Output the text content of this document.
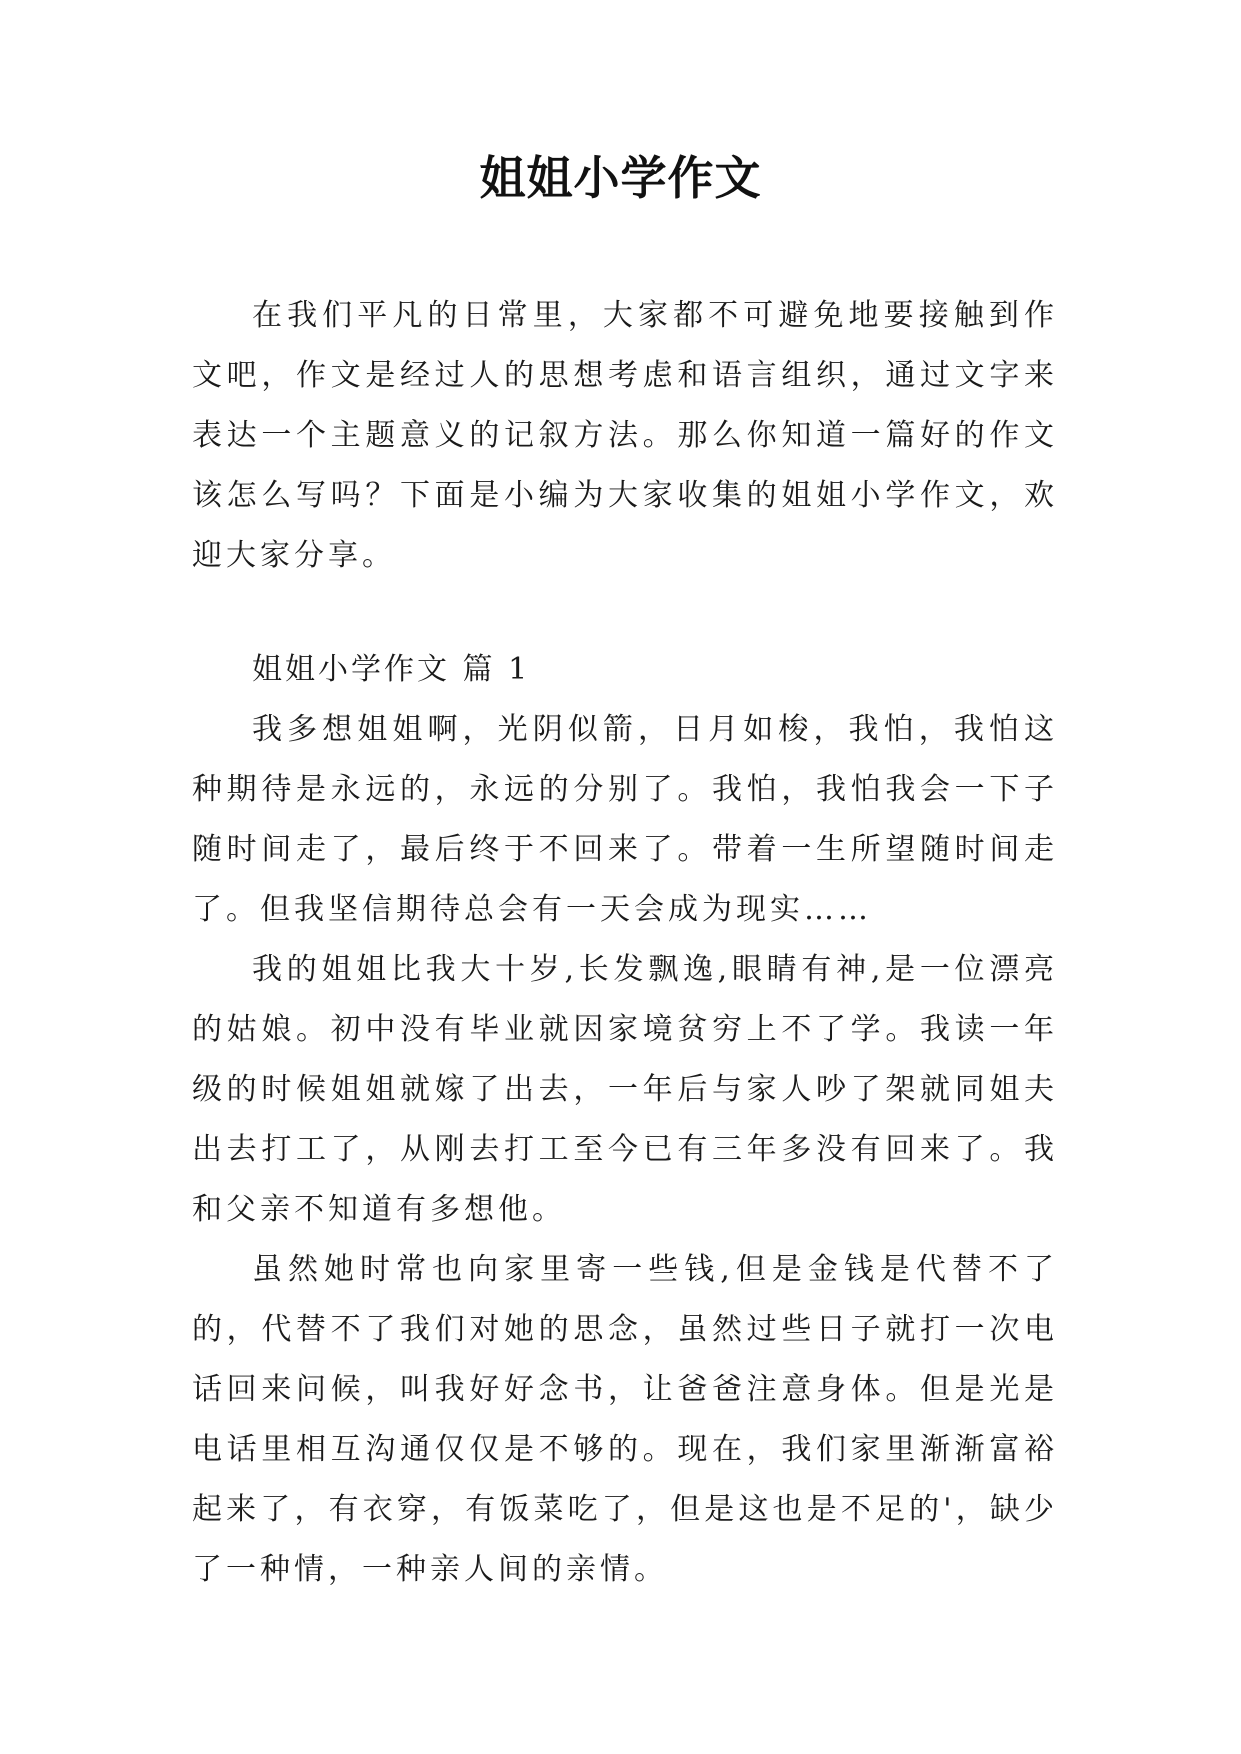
姐姐小学作文

在我们平凡的日常里，大家都不可避免地要接触到作文吧，作文是经过人的思想考虑和语言组织，通过文字来表达一个主题意义的记叙方法。那么你知道一篇好的作文该怎么写吗？下面是小编为大家收集的姐姐小学作文，欢迎大家分享。

姐姐小学作文 篇 1

我多想姐姐啊，光阴似箭，日月如梭，我怕，我怕这种期待是永远的，永远的分别了。我怕，我怕我会一下子随时间走了，最后终于不回来了。带着一生所望随时间走了。但我坚信期待总会有一天会成为现实……

我的姐姐比我大十岁,长发飘逸,眼睛有神,是一位漂亮的姑娘。初中没有毕业就因家境贫穷上不了学。我读一年级的时候姐姐就嫁了出去，一年后与家人吵了架就同姐夫出去打工了，从刚去打工至今已有三年多没有回来了。我和父亲不知道有多想他。

虽然她时常也向家里寄一些钱,但是金钱是代替不了的，代替不了我们对她的思念，虽然过些日子就打一次电话回来问候，叫我好好念书，让爸爸注意身体。但是光是电话里相互沟通仅仅是不够的。现在，我们家里渐渐富裕起来了，有衣穿，有饭菜吃了，但是这也是不足的'，缺少了一种情，一种亲人间的亲情。
